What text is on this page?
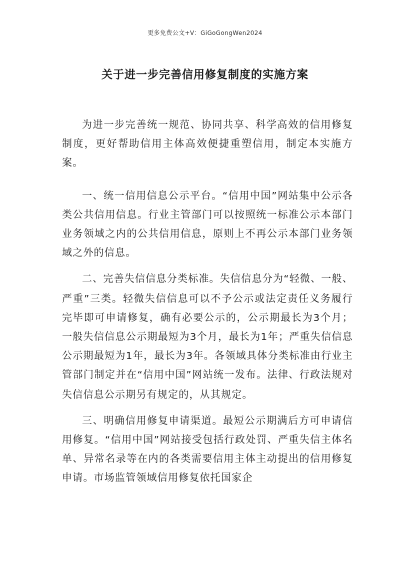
更多免费公文+V：GiGoGongWen2024
关于进一步完善信用修复制度的实施方案

为进一步完善统一规范、协同共享、科学高效的信用修复制度，更好帮助信用主体高效便捷重塑信用，制定本实施方案。

一、统一信用信息公示平台。“信用中国”网站集中公示各类公共信用信息。行业主管部门可以按照统一标准公示本部门业务领域之内的公共信用信息，原则上不再公示本部门业务领域之外的信息。

二、完善失信信息分类标准。失信信息分为“轻微、一般、严重”三类。轻微失信信息可以不予公示或法定责任义务履行完毕即可申请修复，确有必要公示的，公示期最长为3个月；一般失信信息公示期最短为3个月，最长为1年；严重失信信息公示期最短为1年，最长为3年。各领域具体分类标准由行业主管部门制定并在“信用中国”网站统一发布。法律、行政法规对失信信息公示期另有规定的，从其规定。

三、明确信用修复申请渠道。最短公示期满后方可申请信用修复。“信用中国”网站接受包括行政处罚、严重失信主体名单、异常名录等在内的各类需要信用主体主动提出的信用修复申请。市场监管领域信用修复依托国家企
